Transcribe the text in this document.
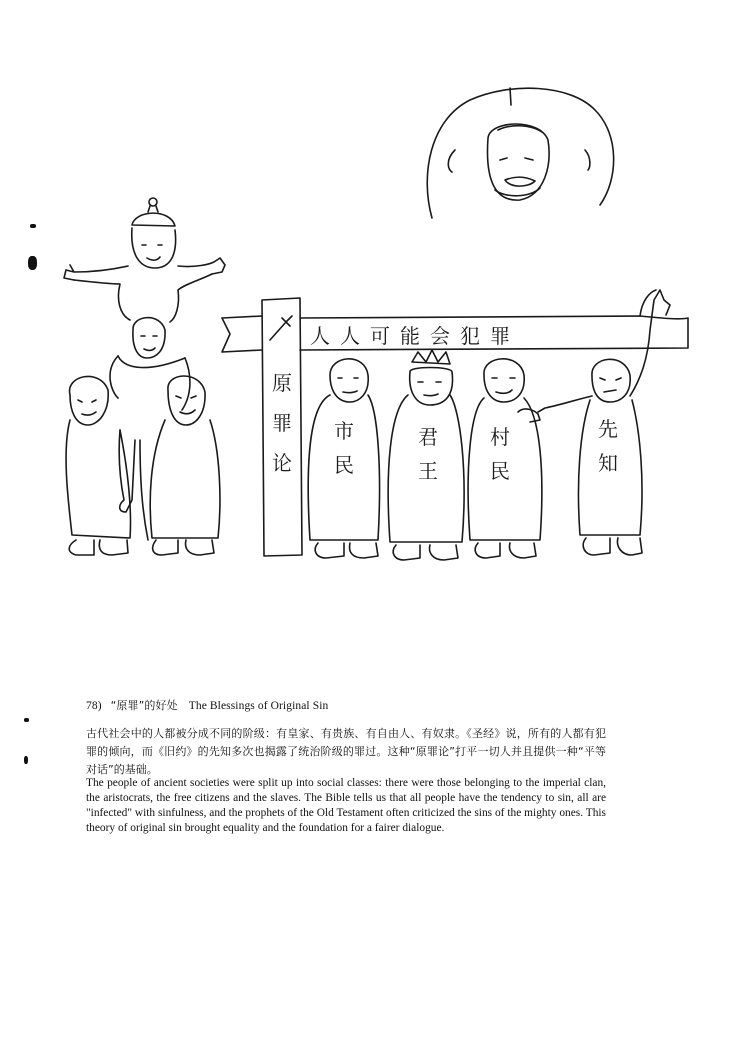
人人可能会犯罪
原
罪
论
市
民
君
王
村
民
先
知
78) “原罪”的好处 The Blessings of Original Sin
古代社会中的人都被分成不同的阶级：有皇家、有贵族、有自由人、有奴隶。《圣经》说，所有的人都有犯罪的倾向，而《旧约》的先知多次也揭露了统治阶级的罪过。这种“原罪论”打平一切人并且提供一种“平等对话”的基础。
The people of ancient societies were split up into social classes: there were those belonging to the imperial clan, the aristocrats, the free citizens and the slaves. The Bible tells us that all people have the tendency to sin, all are "infected" with sinfulness, and the prophets of the Old Testament often criticized the sins of the mighty ones. This theory of original sin brought equality and the foundation for a fairer dialogue.
